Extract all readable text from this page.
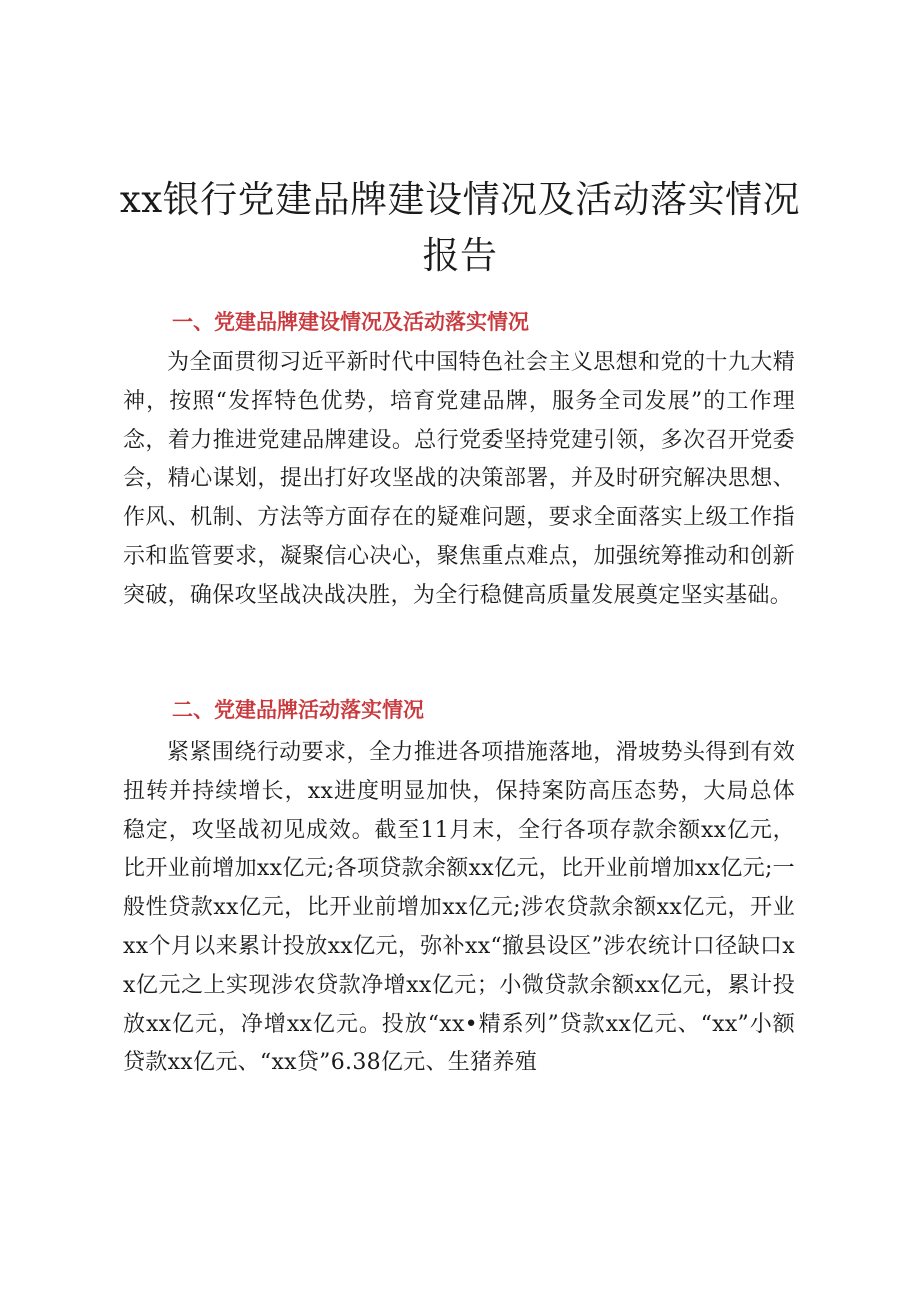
xx银行党建品牌建设情况及活动落实情况报告
一、党建品牌建设情况及活动落实情况

为全面贯彻习近平新时代中国特色社会主义思想和党的十九大精神，按照“发挥特色优势，培育党建品牌，服务全司发展”的工作理念，着力推进党建品牌建设。总行党委坚持党建引领，多次召开党委会，精心谋划，提出打好攻坚战的决策部署，并及时研究解决思想、作风、机制、方法等方面存在的疑难问题，要求全面落实上级工作指示和监管要求，凝聚信心决心，聚焦重点难点，加强统筹推动和创新突破，确保攻坚战决战决胜，为全行稳健高质量发展奠定坚实基础。

二、党建品牌活动落实情况

紧紧围绕行动要求，全力推进各项措施落地，滑坡势头得到有效扭转并持续增长，xx进度明显加快，保持案防高压态势，大局总体稳定，攻坚战初见成效。截至11月末，全行各项存款余额xx亿元，比开业前增加xx亿元;各项贷款余额xx亿元，比开业前增加xx亿元;一般性贷款xx亿元，比开业前增加xx亿元;涉农贷款余额xx亿元，开业xx个月以来累计投放xx亿元，弥补xx“撤县设区”涉农统计口径缺口xx亿元之上实现涉农贷款净增xx亿元；小微贷款余额xx亿元，累计投放xx亿元，净增xx亿元。投放“xx•精系列”贷款xx亿元、“xx”小额贷款xx亿元、“xx贷”6.38亿元、生猪养殖
